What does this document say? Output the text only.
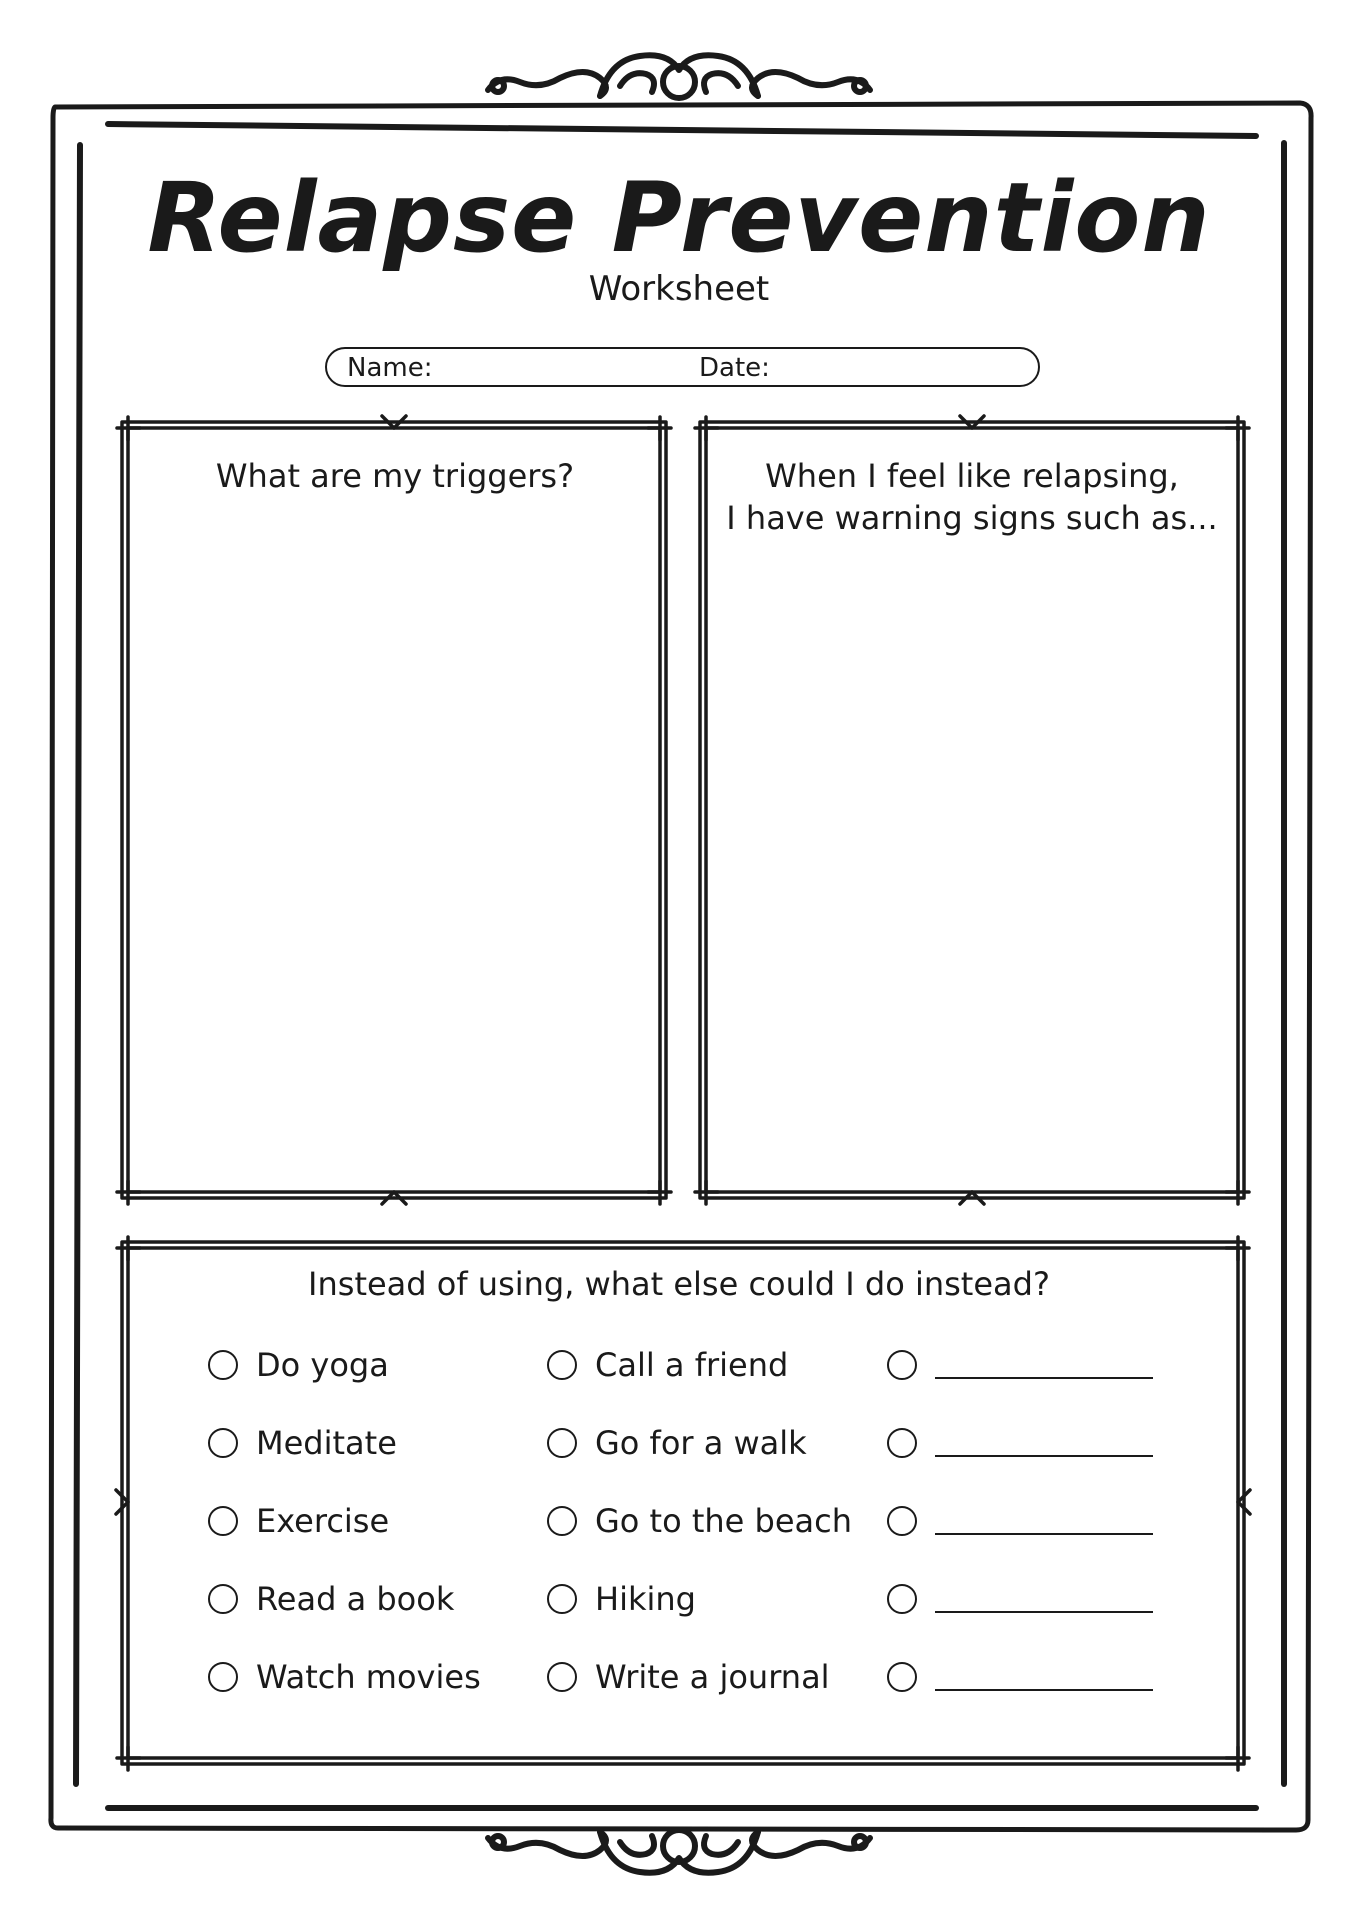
Relapse Prevention
Worksheet
Name:	Date:
What are my triggers?	When I feel like relapsing,
I have warning signs such as...
Instead of using, what else could I do instead?
Do yoga
Meditate
Exercise
Read a book
Watch movies
Call a friend
Go for a walk
Go to the beach
Hiking
Write a journal
